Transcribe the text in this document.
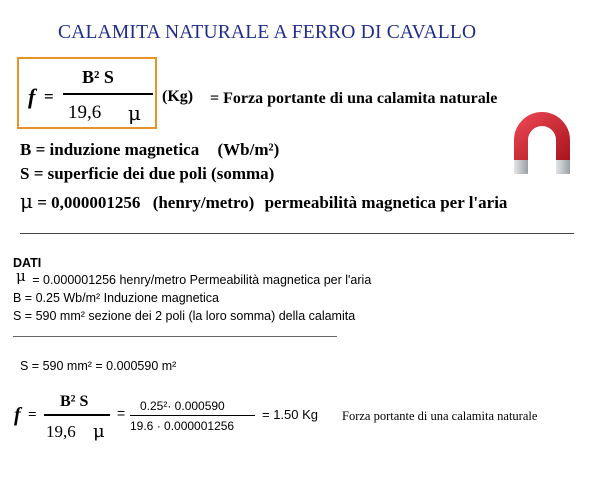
CALAMITA NATURALE A FERRO DI CAVALLO
f =
B² S
19,6 μ
(Kg) = Forza portante di una calamita naturale
B = induzione magnetica (Wb/m²)
S = superficie dei due poli (somma)
μ = 0,000001256 (henry/metro) permeabilità magnetica per l'aria
DATI
μ = 0.000001256 henry/metro Permeabilità magnetica per l'aria
B = 0.25 Wb/m² Induzione magnetica
S = 590 mm² sezione dei 2 poli (la loro somma) della calamita
S = 590 mm² = 0.000590 m²
f =
B² S
19,6 μ
= 0.25²· 0.000590
19.6 · 0.000001256
= 1.50 Kg Forza portante di una calamita naturale
